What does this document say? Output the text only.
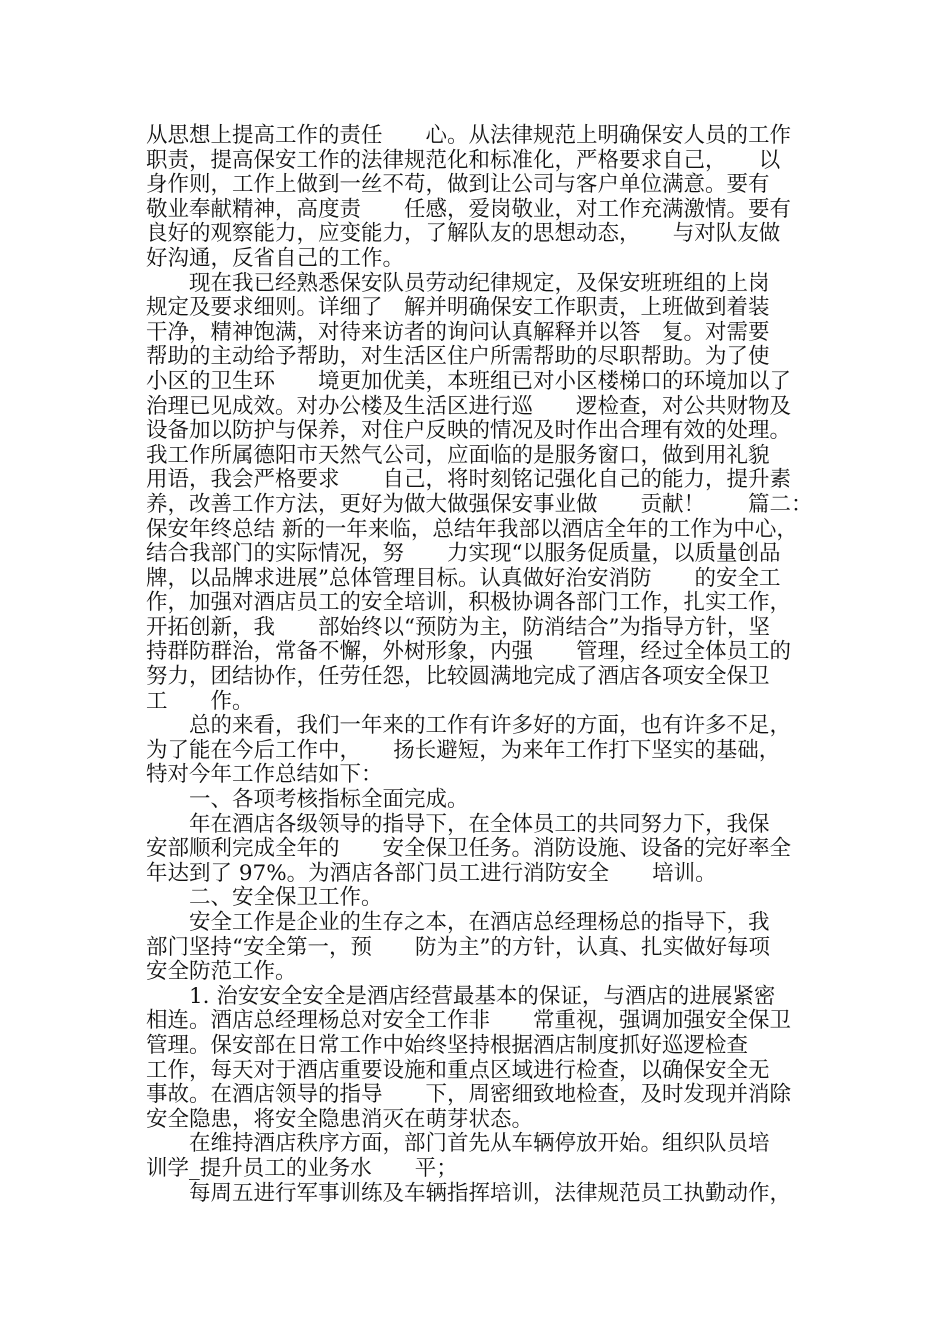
从思想上提高工作的责任　　心。从法律规范上明确保安人员的工作
职责，提高保安工作的法律规范化和标准化，严格要求自己，　　以
身作则，工作上做到一丝不苟，做到让公司与客户单位满意。要有
敬业奉献精神，高度责　　任感，爱岗敬业，对工作充满激情。要有
良好的观察能力，应变能力，了解队友的思想动态，　　与对队友做
好沟通，反省自己的工作。
　　现在我已经熟悉保安队员劳动纪律规定，及保安班班组的上岗
规定及要求细则。详细了　解并明确保安工作职责，上班做到着装
干净，精神饱满，对待来访者的询问认真解释并以答　复。对需要
帮助的主动给予帮助，对生活区住户所需帮助的尽职帮助。为了使
小区的卫生环　　境更加优美，本班组已对小区楼梯口的环境加以了
治理已见成效。对办公楼及生活区进行巡　　逻检查，对公共财物及
设备加以防护与保养，对住户反映的情况及时作出合理有效的处理。
我工作所属德阳市天然气公司，应面临的是服务窗口，做到用礼貌
用语，我会严格要求　　自己，将时刻铭记强化自己的能力，提升素
养，改善工作方法，更好为做大做强保安事业做　　贡献！　　篇二：
保安年终总结 新的一年来临，总结年我部以酒店全年的工作为中心，
结合我部门的实际情况，努　　力实现“以服务促质量，以质量创品
牌，以品牌求进展”总体管理目标。认真做好治安消防　　的安全工
作，加强对酒店员工的安全培训，积极协调各部门工作，扎实工作，
开拓创新，我　　部始终以“预防为主，防消结合”为指导方针，坚
持群防群治，常备不懈，外树形象，内强　　管理，经过全体员工的
努力，团结协作，任劳任怨，比较圆满地完成了酒店各项安全保卫
工　　作。
　　总的来看，我们一年来的工作有许多好的方面，也有许多不足，
为了能在今后工作中，　　扬长避短，为来年工作打下坚实的基础，
特对今年工作总结如下：
　　一、各项考核指标全面完成。
　　年在酒店各级领导的指导下，在全体员工的共同努力下，我保
安部顺利完成全年的　　安全保卫任务。消防设施、设备的完好率全
年达到了 97%。为酒店各部门员工进行消防安全　　培训。
　　二、安全保卫工作。
　　安全工作是企业的生存之本，在酒店总经理杨总的指导下，我
部门坚持“安全第一，预　　防为主”的方针，认真、扎实做好每项
安全防范工作。
　　1. 治安安全安全是酒店经营最基本的保证，与酒店的进展紧密
相连。酒店总经理杨总对安全工作非　　常重视，强调加强安全保卫
管理。保安部在日常工作中始终坚持根据酒店制度抓好巡逻检查
工作，每天对于酒店重要设施和重点区域进行检查，以确保安全无
事故。在酒店领导的指导　　下，周密细致地检查，及时发现并消除
安全隐患，将安全隐患消灭在萌芽状态。
　　在维持酒店秩序方面，部门首先从车辆停放开始。组织队员培
训学_提升员工的业务水　　平；
　　每周五进行军事训练及车辆指挥培训，法律规范员工执勤动作，
